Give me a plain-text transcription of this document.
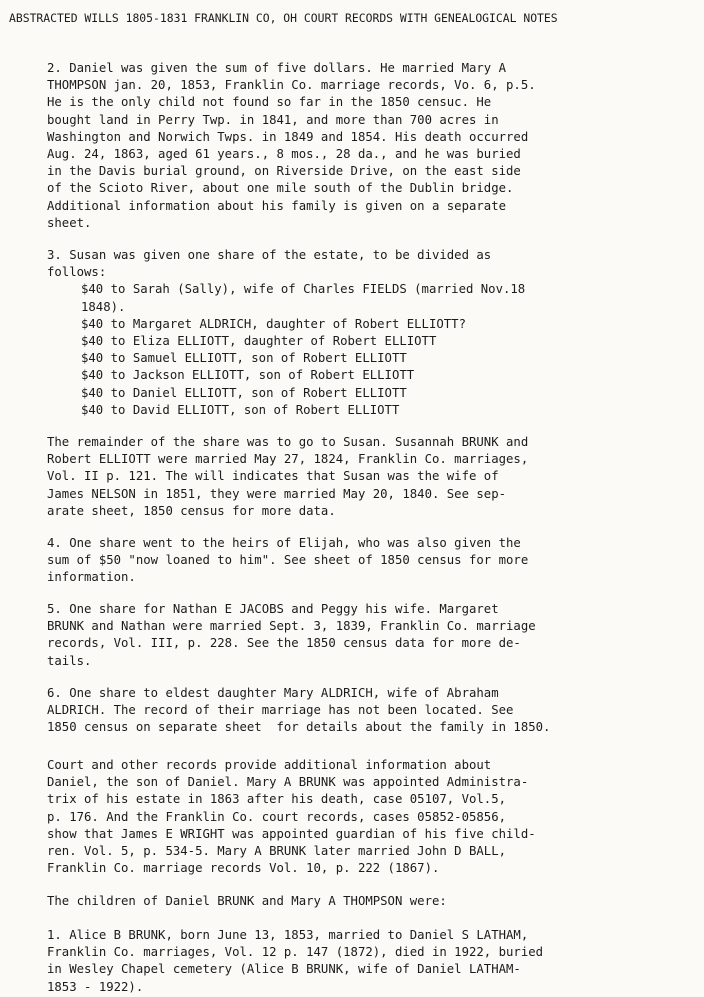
ABSTRACTED WILLS 1805-1831 FRANKLIN CO, OH COURT RECORDS WITH GENEALOGICAL NOTES
2. Daniel was given the sum of five dollars. He married Mary A
THOMPSON jan. 20, 1853, Franklin Co. marriage records, Vo. 6, p.5.
He is the only child not found so far in the 1850 censuc. He
bought land in Perry Twp. in 1841, and more than 700 acres in
Washington and Norwich Twps. in 1849 and 1854. His death occurred
Aug. 24, 1863, aged 61 years., 8 mos., 28 da., and he was buried
in the Davis burial ground, on Riverside Drive, on the east side
of the Scioto River, about one mile south of the Dublin bridge.
Additional information about his family is given on a separate
sheet.
3. Susan was given one share of the estate, to be divided as
follows:
$40 to Sarah (Sally), wife of Charles FIELDS (married Nov.18
1848).
$40 to Margaret ALDRICH, daughter of Robert ELLIOTT?
$40 to Eliza ELLIOTT, daughter of Robert ELLIOTT
$40 to Samuel ELLIOTT, son of Robert ELLIOTT
$40 to Jackson ELLIOTT, son of Robert ELLIOTT
$40 to Daniel ELLIOTT, son of Robert ELLIOTT
$40 to David ELLIOTT, son of Robert ELLIOTT
The remainder of the share was to go to Susan. Susannah BRUNK and
Robert ELLIOTT were married May 27, 1824, Franklin Co. marriages,
Vol. II p. 121. The will indicates that Susan was the wife of
James NELSON in 1851, they were married May 20, 1840. See sep-
arate sheet, 1850 census for more data.
4. One share went to the heirs of Elijah, who was also given the
sum of $50 "now loaned to him". See sheet of 1850 census for more
information.
5. One share for Nathan E JACOBS and Peggy his wife. Margaret
BRUNK and Nathan were married Sept. 3, 1839, Franklin Co. marriage
records, Vol. III, p. 228. See the 1850 census data for more de-
tails.
6. One share to eldest daughter Mary ALDRICH, wife of Abraham
ALDRICH. The record of their marriage has not been located. See
1850 census on separate sheet  for details about the family in 1850.
Court and other records provide additional information about
Daniel, the son of Daniel. Mary A BRUNK was appointed Administra-
trix of his estate in 1863 after his death, case 05107, Vol.5,
p. 176. And the Franklin Co. court records, cases 05852-05856,
show that James E WRIGHT was appointed guardian of his five child-
ren. Vol. 5, p. 534-5. Mary A BRUNK later married John D BALL,
Franklin Co. marriage records Vol. 10, p. 222 (1867).
The children of Daniel BRUNK and Mary A THOMPSON were:
1. Alice B BRUNK, born June 13, 1853, married to Daniel S LATHAM,
Franklin Co. marriages, Vol. 12 p. 147 (1872), died in 1922, buried
in Wesley Chapel cemetery (Alice B BRUNK, wife of Daniel LATHAM-
1853 - 1922).
